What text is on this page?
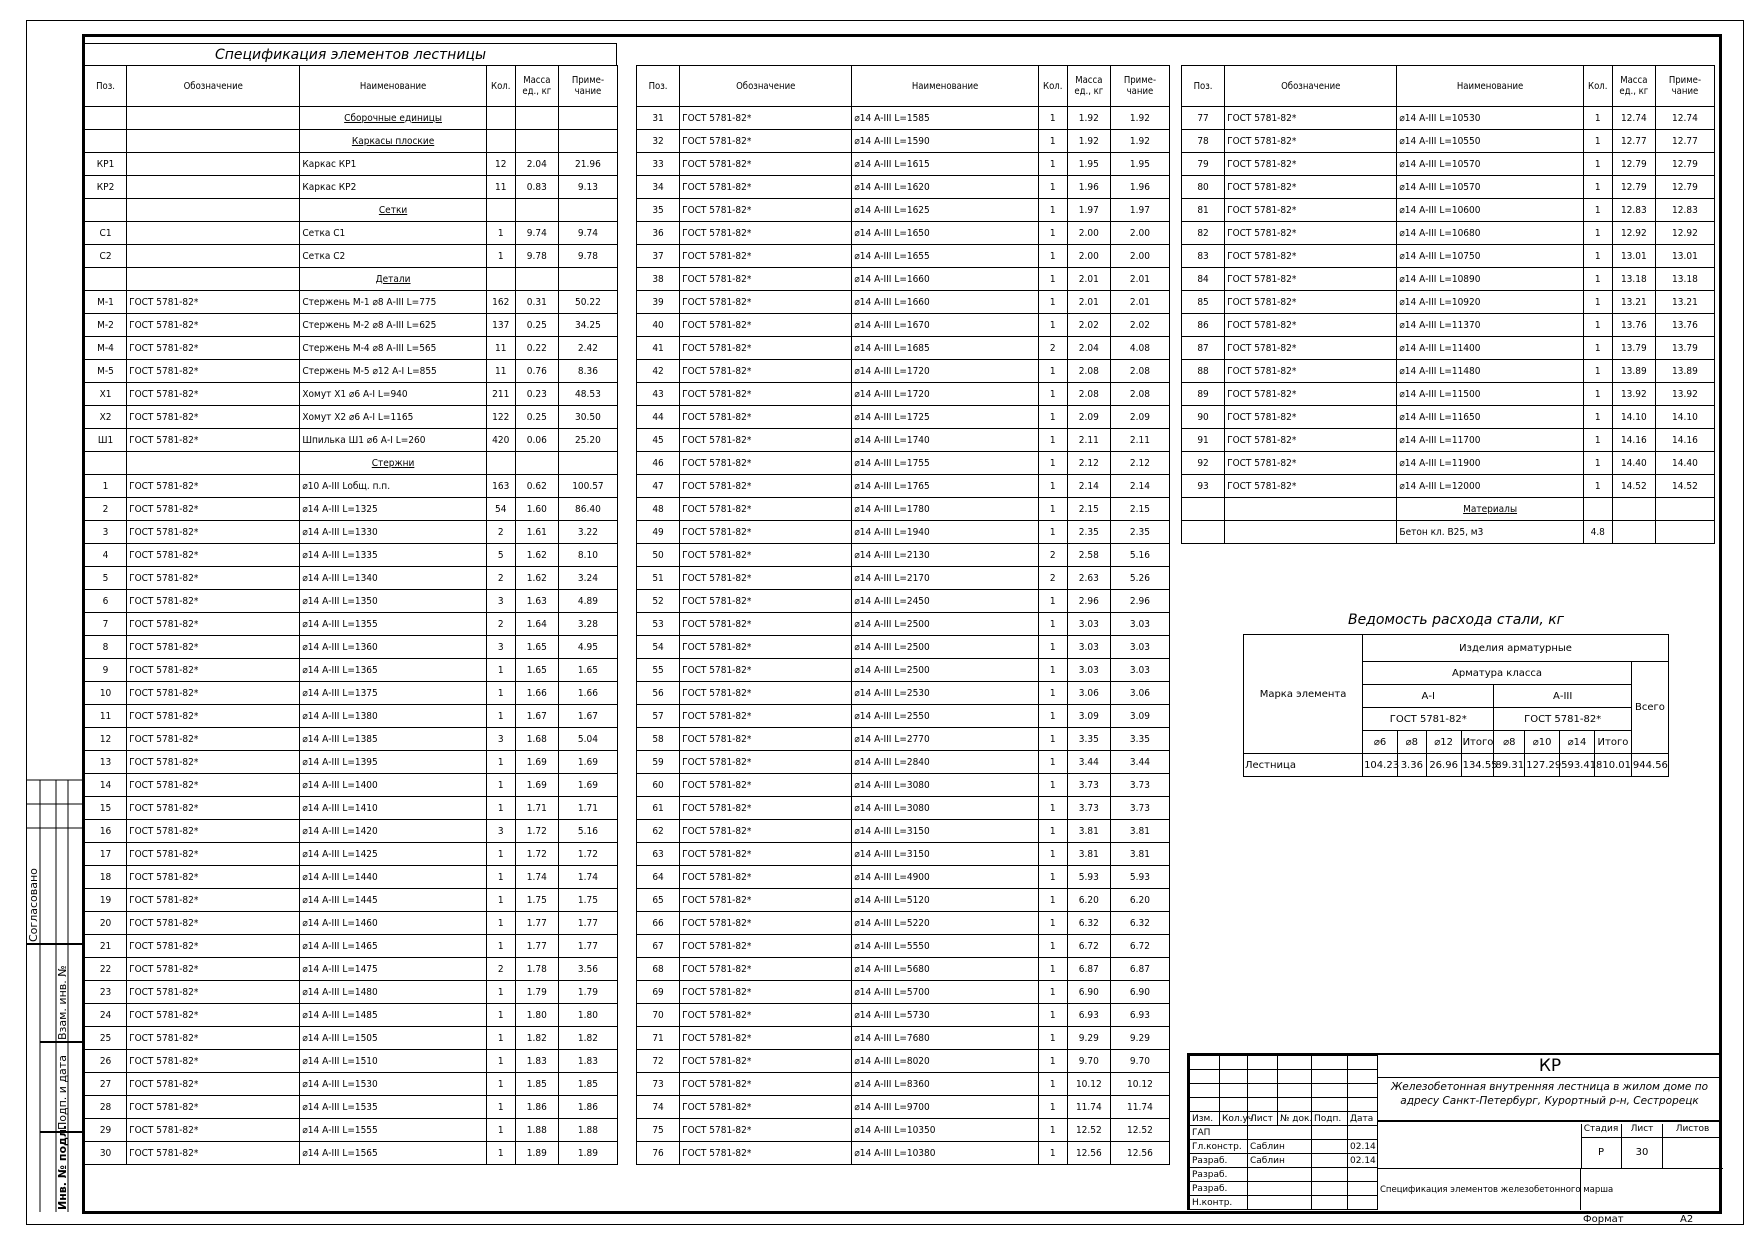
Согласовано
Взам. инв. №
Подп. и дата
Инв. № подл.
Спецификация элементов лестницы
Поз.	Обозначение	Наименование	Кол.	Масса ед., кг	Приме- чание
		Сборочные единицы			
		Каркасы плоские			
КР1		Каркас КР1	12	2.04	21.96
КР2		Каркас КР2	11	0.83	9.13
		Сетки			
С1		Сетка С1	1	9.74	9.74
С2		Сетка С2	1	9.78	9.78
		Детали			
М-1	ГОСТ 5781-82*	Стержень М-1 ⌀8 А-III L=775	162	0.31	50.22
М-2	ГОСТ 5781-82*	Стержень М-2 ⌀8 А-III L=625	137	0.25	34.25
М-4	ГОСТ 5781-82*	Стержень М-4 ⌀8 А-III L=565	11	0.22	2.42
М-5	ГОСТ 5781-82*	Стержень М-5 ⌀12 А-I L=855	11	0.76	8.36
Х1	ГОСТ 5781-82*	Хомут Х1 ⌀6 А-I L=940	211	0.23	48.53
Х2	ГОСТ 5781-82*	Хомут Х2 ⌀6 А-I L=1165	122	0.25	30.50
Ш1	ГОСТ 5781-82*	Шпилька Ш1 ⌀6 А-I L=260	420	0.06	25.20
		Стержни			
1	ГОСТ 5781-82*	⌀10 А-III Lобщ. п.п.	163	0.62	100.57
2	ГОСТ 5781-82*	⌀14 А-III L=1325	54	1.60	86.40
3	ГОСТ 5781-82*	⌀14 А-III L=1330	2	1.61	3.22
4	ГОСТ 5781-82*	⌀14 А-III L=1335	5	1.62	8.10
5	ГОСТ 5781-82*	⌀14 А-III L=1340	2	1.62	3.24
6	ГОСТ 5781-82*	⌀14 А-III L=1350	3	1.63	4.89
7	ГОСТ 5781-82*	⌀14 А-III L=1355	2	1.64	3.28
8	ГОСТ 5781-82*	⌀14 А-III L=1360	3	1.65	4.95
9	ГОСТ 5781-82*	⌀14 А-III L=1365	1	1.65	1.65
10	ГОСТ 5781-82*	⌀14 А-III L=1375	1	1.66	1.66
11	ГОСТ 5781-82*	⌀14 А-III L=1380	1	1.67	1.67
12	ГОСТ 5781-82*	⌀14 А-III L=1385	3	1.68	5.04
13	ГОСТ 5781-82*	⌀14 А-III L=1395	1	1.69	1.69
14	ГОСТ 5781-82*	⌀14 А-III L=1400	1	1.69	1.69
15	ГОСТ 5781-82*	⌀14 А-III L=1410	1	1.71	1.71
16	ГОСТ 5781-82*	⌀14 А-III L=1420	3	1.72	5.16
17	ГОСТ 5781-82*	⌀14 А-III L=1425	1	1.72	1.72
18	ГОСТ 5781-82*	⌀14 А-III L=1440	1	1.74	1.74
19	ГОСТ 5781-82*	⌀14 А-III L=1445	1	1.75	1.75
20	ГОСТ 5781-82*	⌀14 А-III L=1460	1	1.77	1.77
21	ГОСТ 5781-82*	⌀14 А-III L=1465	1	1.77	1.77
22	ГОСТ 5781-82*	⌀14 А-III L=1475	2	1.78	3.56
23	ГОСТ 5781-82*	⌀14 А-III L=1480	1	1.79	1.79
24	ГОСТ 5781-82*	⌀14 А-III L=1485	1	1.80	1.80
25	ГОСТ 5781-82*	⌀14 А-III L=1505	1	1.82	1.82
26	ГОСТ 5781-82*	⌀14 А-III L=1510	1	1.83	1.83
27	ГОСТ 5781-82*	⌀14 А-III L=1530	1	1.85	1.85
28	ГОСТ 5781-82*	⌀14 А-III L=1535	1	1.86	1.86
29	ГОСТ 5781-82*	⌀14 А-III L=1555	1	1.88	1.88
30	ГОСТ 5781-82*	⌀14 А-III L=1565	1	1.89	1.89
Поз.	Обозначение	Наименование	Кол.	Масса ед., кг	Приме- чание
31	ГОСТ 5781-82*	⌀14 А-III L=1585	1	1.92	1.92
32	ГОСТ 5781-82*	⌀14 А-III L=1590	1	1.92	1.92
33	ГОСТ 5781-82*	⌀14 А-III L=1615	1	1.95	1.95
34	ГОСТ 5781-82*	⌀14 А-III L=1620	1	1.96	1.96
35	ГОСТ 5781-82*	⌀14 А-III L=1625	1	1.97	1.97
36	ГОСТ 5781-82*	⌀14 А-III L=1650	1	2.00	2.00
37	ГОСТ 5781-82*	⌀14 А-III L=1655	1	2.00	2.00
38	ГОСТ 5781-82*	⌀14 А-III L=1660	1	2.01	2.01
39	ГОСТ 5781-82*	⌀14 А-III L=1660	1	2.01	2.01
40	ГОСТ 5781-82*	⌀14 А-III L=1670	1	2.02	2.02
41	ГОСТ 5781-82*	⌀14 А-III L=1685	2	2.04	4.08
42	ГОСТ 5781-82*	⌀14 А-III L=1720	1	2.08	2.08
43	ГОСТ 5781-82*	⌀14 А-III L=1720	1	2.08	2.08
44	ГОСТ 5781-82*	⌀14 А-III L=1725	1	2.09	2.09
45	ГОСТ 5781-82*	⌀14 А-III L=1740	1	2.11	2.11
46	ГОСТ 5781-82*	⌀14 А-III L=1755	1	2.12	2.12
47	ГОСТ 5781-82*	⌀14 А-III L=1765	1	2.14	2.14
48	ГОСТ 5781-82*	⌀14 А-III L=1780	1	2.15	2.15
49	ГОСТ 5781-82*	⌀14 А-III L=1940	1	2.35	2.35
50	ГОСТ 5781-82*	⌀14 А-III L=2130	2	2.58	5.16
51	ГОСТ 5781-82*	⌀14 А-III L=2170	2	2.63	5.26
52	ГОСТ 5781-82*	⌀14 А-III L=2450	1	2.96	2.96
53	ГОСТ 5781-82*	⌀14 А-III L=2500	1	3.03	3.03
54	ГОСТ 5781-82*	⌀14 А-III L=2500	1	3.03	3.03
55	ГОСТ 5781-82*	⌀14 А-III L=2500	1	3.03	3.03
56	ГОСТ 5781-82*	⌀14 А-III L=2530	1	3.06	3.06
57	ГОСТ 5781-82*	⌀14 А-III L=2550	1	3.09	3.09
58	ГОСТ 5781-82*	⌀14 А-III L=2770	1	3.35	3.35
59	ГОСТ 5781-82*	⌀14 А-III L=2840	1	3.44	3.44
60	ГОСТ 5781-82*	⌀14 А-III L=3080	1	3.73	3.73
61	ГОСТ 5781-82*	⌀14 А-III L=3080	1	3.73	3.73
62	ГОСТ 5781-82*	⌀14 А-III L=3150	1	3.81	3.81
63	ГОСТ 5781-82*	⌀14 А-III L=3150	1	3.81	3.81
64	ГОСТ 5781-82*	⌀14 А-III L=4900	1	5.93	5.93
65	ГОСТ 5781-82*	⌀14 А-III L=5120	1	6.20	6.20
66	ГОСТ 5781-82*	⌀14 А-III L=5220	1	6.32	6.32
67	ГОСТ 5781-82*	⌀14 А-III L=5550	1	6.72	6.72
68	ГОСТ 5781-82*	⌀14 А-III L=5680	1	6.87	6.87
69	ГОСТ 5781-82*	⌀14 А-III L=5700	1	6.90	6.90
70	ГОСТ 5781-82*	⌀14 А-III L=5730	1	6.93	6.93
71	ГОСТ 5781-82*	⌀14 А-III L=7680	1	9.29	9.29
72	ГОСТ 5781-82*	⌀14 А-III L=8020	1	9.70	9.70
73	ГОСТ 5781-82*	⌀14 А-III L=8360	1	10.12	10.12
74	ГОСТ 5781-82*	⌀14 А-III L=9700	1	11.74	11.74
75	ГОСТ 5781-82*	⌀14 А-III L=10350	1	12.52	12.52
76	ГОСТ 5781-82*	⌀14 А-III L=10380	1	12.56	12.56
Поз.	Обозначение	Наименование	Кол.	Масса ед., кг	Приме- чание
77	ГОСТ 5781-82*	⌀14 А-III L=10530	1	12.74	12.74
78	ГОСТ 5781-82*	⌀14 А-III L=10550	1	12.77	12.77
79	ГОСТ 5781-82*	⌀14 А-III L=10570	1	12.79	12.79
80	ГОСТ 5781-82*	⌀14 А-III L=10570	1	12.79	12.79
81	ГОСТ 5781-82*	⌀14 А-III L=10600	1	12.83	12.83
82	ГОСТ 5781-82*	⌀14 А-III L=10680	1	12.92	12.92
83	ГОСТ 5781-82*	⌀14 А-III L=10750	1	13.01	13.01
84	ГОСТ 5781-82*	⌀14 А-III L=10890	1	13.18	13.18
85	ГОСТ 5781-82*	⌀14 А-III L=10920	1	13.21	13.21
86	ГОСТ 5781-82*	⌀14 А-III L=11370	1	13.76	13.76
87	ГОСТ 5781-82*	⌀14 А-III L=11400	1	13.79	13.79
88	ГОСТ 5781-82*	⌀14 А-III L=11480	1	13.89	13.89
89	ГОСТ 5781-82*	⌀14 А-III L=11500	1	13.92	13.92
90	ГОСТ 5781-82*	⌀14 А-III L=11650	1	14.10	14.10
91	ГОСТ 5781-82*	⌀14 А-III L=11700	1	14.16	14.16
92	ГОСТ 5781-82*	⌀14 А-III L=11900	1	14.40	14.40
93	ГОСТ 5781-82*	⌀14 А-III L=12000	1	14.52	14.52
		Материалы			
		Бетон кл. В25, м3	4.8		
Ведомость расхода стали, кг
Марка элемента	Изделия арматурные								
	Арматура класса								Всего
	А-I				А-III				
	ГОСТ 5781-82*				ГОСТ 5781-82*				
	⌀6	⌀8	⌀12	Итого	⌀8	⌀10	⌀14	Итого	
Лестница	104.23	3.36	26.96	134.55	89.31	127.29	593.41	810.01	944.56

Изм.	Кол.уч	Лист	№ док.	Подп.	Дата
ГАП					
Гл.констр.		Саблин			02.14
Разраб.		Саблин			02.14
Разраб.					
Разраб.					
Н.контр.					
КР
Железобетонная внутренняя лестница в жилом доме по адресу Санкт-Петербург, Курортный р-н, Сестрорецк
Стадия	Лист	Листов
Р	30
Спецификация элементов железобетонного марша
Формат	А2
